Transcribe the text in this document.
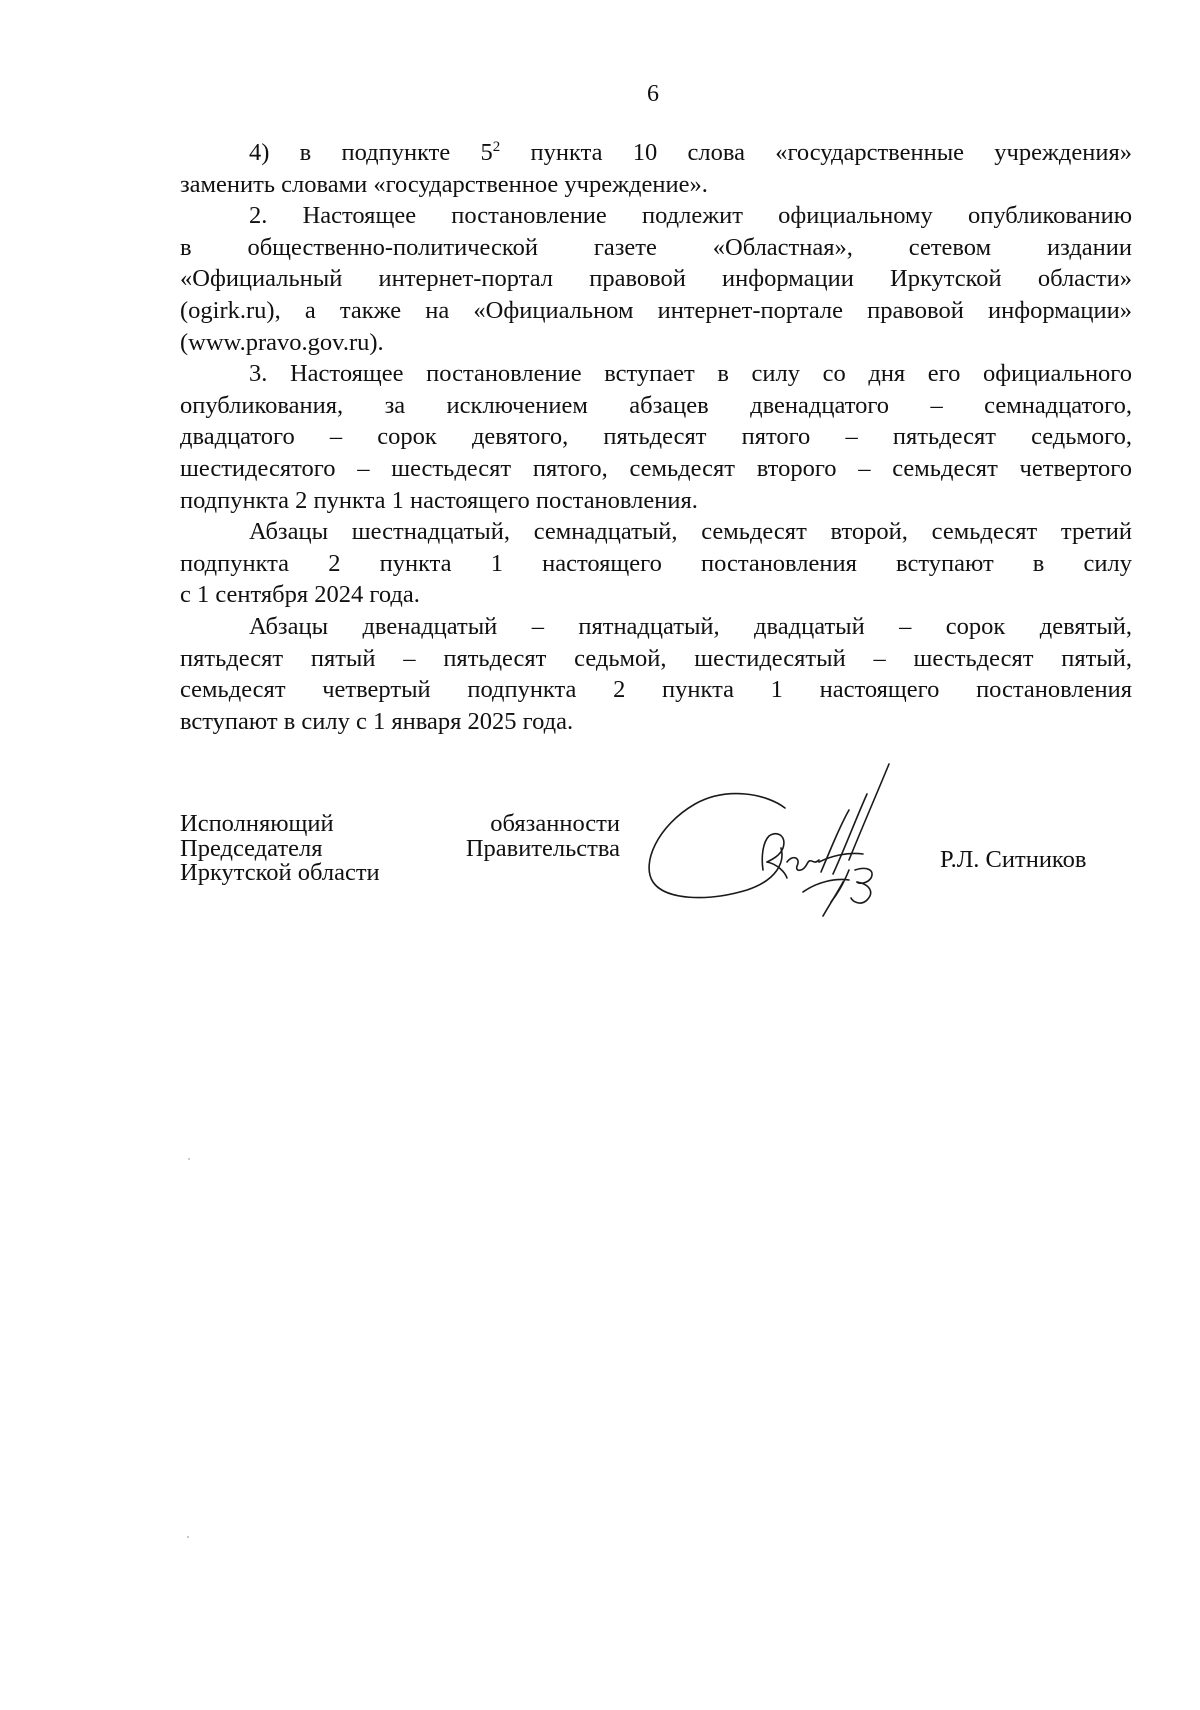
6
4) в подпункте $5^2$ пункта 10 слова «государственные учреждения»
заменить словами «государственное учреждение».
2. Настоящее постановление подлежит официальному опубликованию
в общественно-политической газете «Областная», сетевом издании
«Официальный интернет-портал правовой информации Иркутской области»
(ogirk.ru), а также на «Официальном интернет-портале правовой информации»
(www.pravo.gov.ru).
3. Настоящее постановление вступает в силу со дня его официального
опубликования, за исключением абзацев двенадцатого – семнадцатого,
двадцатого – сорок девятого, пятьдесят пятого – пятьдесят седьмого,
шестидесятого – шестьдесят пятого, семьдесят второго – семьдесят четвертого
подпункта 2 пункта 1 настоящего постановления.
Абзацы шестнадцатый, семнадцатый, семьдесят второй, семьдесят третий
подпункта 2 пункта 1 настоящего постановления вступают в силу
с 1 сентября 2024 года.
Абзацы двенадцатый – пятнадцатый, двадцатый – сорок девятый,
пятьдесят пятый – пятьдесят седьмой, шестидесятый – шестьдесят пятый,
семьдесят четвертый подпункта 2 пункта 1 настоящего постановления
вступают в силу с 1 января 2025 года.
Исполняющий	обязанности
Председателя	Правительства
Иркутской области	Р.Л. Ситников
